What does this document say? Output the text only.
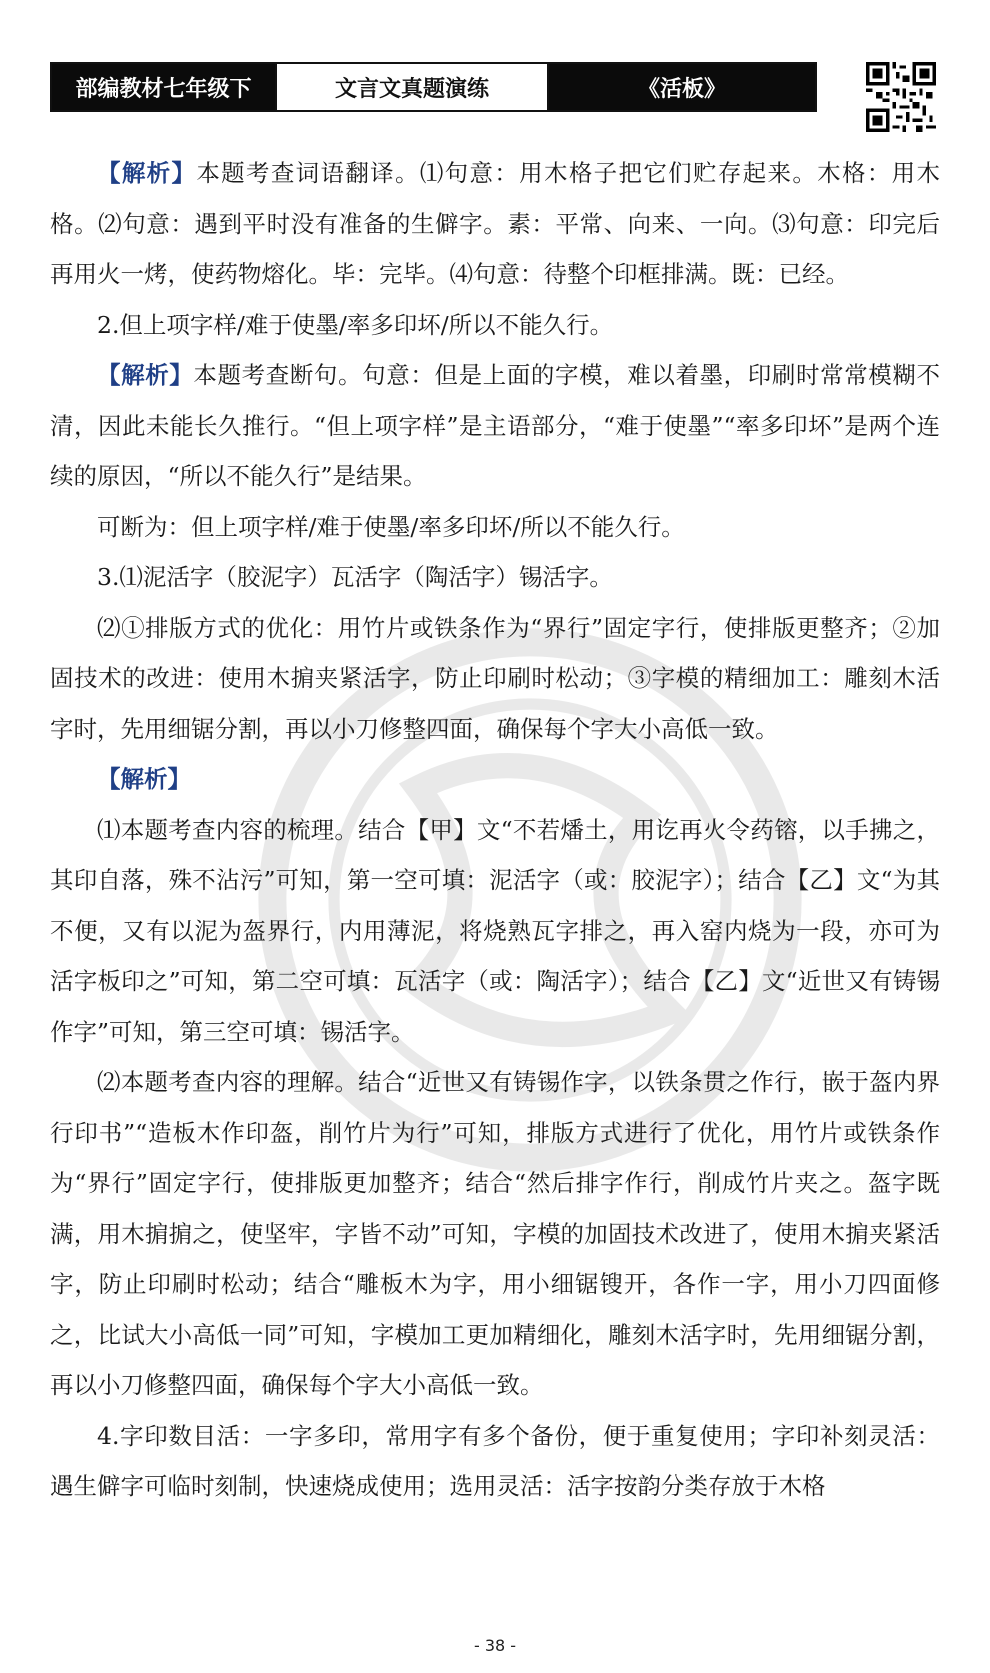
部编教材七年级下	文言文真题演练	《活板》

【解析】本题考查词语翻译。⑴句意：用木格子把它们贮存起来。木格：用木格。⑵句意：遇到平时没有准备的生僻字。素：平常、向来、一向。⑶句意：印完后再用火一烤，使药物熔化。毕：完毕。⑷句意：待整个印框排满。既：已经。

2.但上项字样/难于使墨/率多印坏/所以不能久行。

【解析】本题考查断句。句意：但是上面的字模，难以着墨，印刷时常常模糊不清，因此未能长久推行。“但上项字样”是主语部分，“难于使墨”“率多印坏”是两个连续的原因，“所以不能久行”是结果。

可断为：但上项字样/难于使墨/率多印坏/所以不能久行。

3.⑴泥活字（胶泥字）瓦活字（陶活字）锡活字。

⑵①排版方式的优化：用竹片或铁条作为“界行”固定字行，使排版更整齐；②加固技术的改进：使用木掮夹紧活字，防止印刷时松动；③字模的精细加工：雕刻木活字时，先用细锯分割，再以小刀修整四面，确保每个字大小高低一致。

【解析】

⑴本题考查内容的梳理。结合【甲】文“不若燔土，用讫再火令药镕，以手拂之，其印自落，殊不沾污”可知，第一空可填：泥活字（或：胶泥字）；结合【乙】文“为其不便，又有以泥为盔界行，内用薄泥，将烧熟瓦字排之，再入窑内烧为一段，亦可为活字板印之”可知，第二空可填：瓦活字（或：陶活字）；结合【乙】文“近世又有铸锡作字”可知，第三空可填：锡活字。

⑵本题考查内容的理解。结合“近世又有铸锡作字，以铁条贯之作行，嵌于盔内界行印书”“造板木作印盔，削竹片为行”可知，排版方式进行了优化，用竹片或铁条作为“界行”固定字行，使排版更加整齐；结合“然后排字作行，削成竹片夹之。盔字既满，用木掮掮之，使坚牢，字皆不动”可知，字模的加固技术改进了，使用木掮夹紧活字，防止印刷时松动；结合“雕板木为字，用小细锯锼开，各作一字，用小刀四面修之，比试大小高低一同”可知，字模加工更加精细化，雕刻木活字时，先用细锯分割，再以小刀修整四面，确保每个字大小高低一致。

4.字印数目活：一字多印，常用字有多个备份，便于重复使用；字印补刻灵活：遇生僻字可临时刻制，快速烧成使用；选用灵活：活字按韵分类存放于木格

- 38 -
